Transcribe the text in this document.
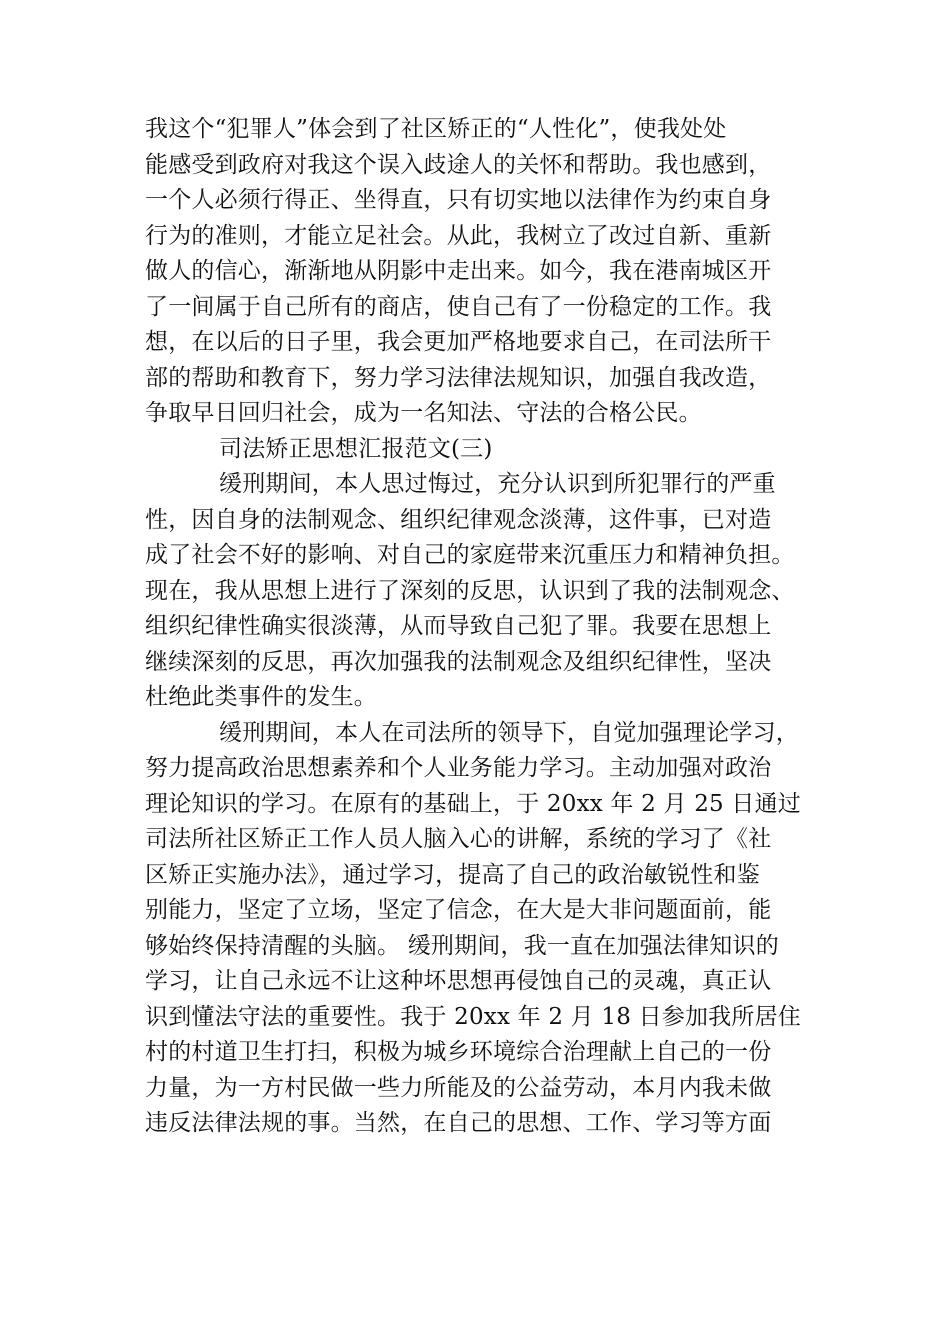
我这个“犯罪人”体会到了社区矫正的“人性化”，使我处处
能感受到政府对我这个误入歧途人的关怀和帮助。我也感到，
一个人必须行得正、坐得直，只有切实地以法律作为约束自身
行为的准则，才能立足社会。从此，我树立了改过自新、重新
做人的信心，渐渐地从阴影中走出来。如今，我在港南城区开
了一间属于自己所有的商店，使自己有了一份稳定的工作。我
想，在以后的日子里，我会更加严格地要求自己，在司法所干
部的帮助和教育下，努力学习法律法规知识，加强自我改造，
争取早日回归社会，成为一名知法、守法的合格公民。
司法矫正思想汇报范文(三)
缓刑期间，本人思过悔过，充分认识到所犯罪行的严重
性，因自身的法制观念、组织纪律观念淡薄，这件事，已对造
成了社会不好的影响、对自己的家庭带来沉重压力和精神负担。
现在，我从思想上进行了深刻的反思，认识到了我的法制观念、
组织纪律性确实很淡薄，从而导致自己犯了罪。我要在思想上
继续深刻的反思，再次加强我的法制观念及组织纪律性，坚决
杜绝此类事件的发生。
缓刑期间，本人在司法所的领导下，自觉加强理论学习，
努力提高政治思想素养和个人业务能力学习。主动加强对政治
理论知识的学习。在原有的基础上，于 20xx 年 2 月 25 日通过
司法所社区矫正工作人员人脑入心的讲解，系统的学习了《社
区矫正实施办法》，通过学习，提高了自己的政治敏锐性和鉴
别能力，坚定了立场，坚定了信念，在大是大非问题面前，能
够始终保持清醒的头脑。 缓刑期间，我一直在加强法律知识的
学习，让自己永远不让这种坏思想再侵蚀自己的灵魂，真正认
识到懂法守法的重要性。我于 20xx 年 2 月 18 日参加我所居住
村的村道卫生打扫，积极为城乡环境综合治理献上自己的一份
力量，为一方村民做一些力所能及的公益劳动，本月内我未做
违反法律法规的事。当然，在自己的思想、工作、学习等方面
